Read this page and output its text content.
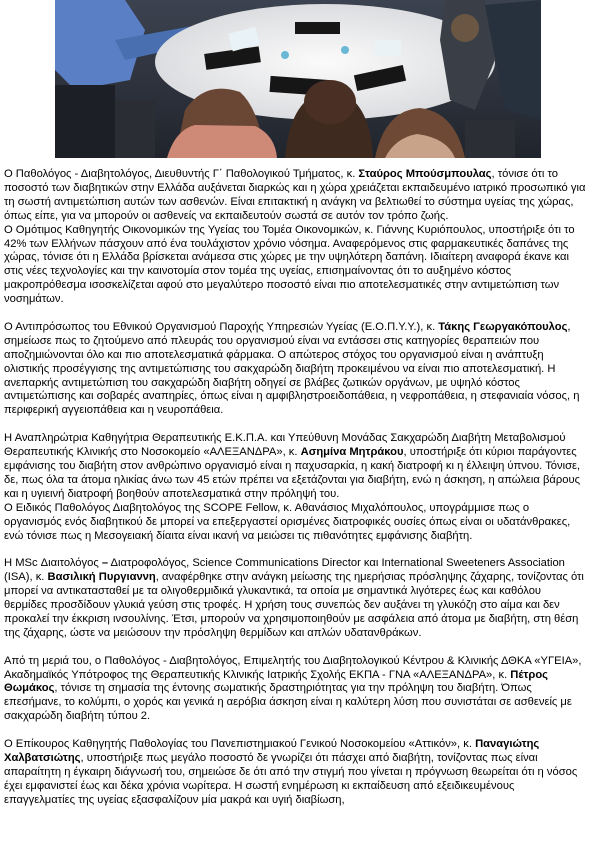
Ο Παθολόγος - Διαβητολόγος, Διευθυντής Γ΄ Παθολογικού Τμήματος, κ. Σταύρος Μπούσμπουλας, τόνισε ότι το ποσοστό των διαβητικών στην Ελλάδα αυξάνεται διαρκώς και η χώρα χρειάζεται εκπαιδευμένο ιατρικό προσωπικό για τη σωστή αντιμετώπιση αυτών των ασθενών. Είναι επιτακτική η ανάγκη να βελτιωθεί το σύστημα υγείας της χώρας, όπως είπε, για να μπορούν οι ασθενείς να εκπαιδευτούν σωστά σε αυτόν τον τρόπο ζωής.

Ο Ομότιμος Καθηγητής Οικονομικών της Υγείας του Τομέα Οικονομικών, κ. Γιάννης Κυριόπουλος, υποστήριξε ότι το 42% των Ελλήνων πάσχουν από ένα τουλάχιστον χρόνιο νόσημα. Αναφερόμενος στις φαρμακευτικές δαπάνες της χώρας, τόνισε ότι η Ελλάδα βρίσκεται ανάμεσα στις χώρες με την υψηλότερη δαπάνη. Ιδιαίτερη αναφορά έκανε και στις νέες τεχνολογίες και την καινοτομία στον τομέα της υγείας, επισημαίνοντας ότι το αυξημένο κόστος μακροπρόθεσμα ισοσκελίζεται αφού στο μεγαλύτερο ποσοστό είναι πιο αποτελεσματικές στην αντιμετώπιση των νοσημάτων.

Ο Αντιπρόσωπος του Εθνικού Οργανισμού Παροχής Υπηρεσιών Υγείας (Ε.Ο.Π.Υ.Υ.), κ. Τάκης Γεωργακόπουλος, σημείωσε πως το ζητούμενο από πλευράς του οργανισμού είναι να εντάσσει στις κατηγορίες θεραπειών που αποζημιώνονται όλο και πιο αποτελεσματικά φάρμακα. Ο απώτερος στόχος του οργανισμού είναι η ανάπτυξη ολιστικής προσέγγισης της αντιμετώπισης του σακχαρώδη διαβήτη προκειμένου να είναι πιο αποτελεσματική. Η ανεπαρκής αντιμετώπιση του σακχαρώδη διαβήτη οδηγεί σε βλάβες ζωτικών οργάνων, με υψηλό κόστος αντιμετώπισης και σοβαρές αναπηρίες, όπως είναι η αμφιβληστροειδοπάθεια, η νεφροπάθεια, η στεφανιαία νόσος, η περιφερική αγγειοπάθεια και η νευροπάθεια.

Η Αναπληρώτρια Καθηγήτρια Θεραπευτικής Ε.Κ.Π.Α. και Υπεύθυνη Μονάδας Σακχαρώδη Διαβήτη Μεταβολισμού Θεραπευτικής Κλινικής στο Νοσοκομείο «ΑΛΕΞΑΝΔΡΑ», κ. Ασημίνα Μητράκου, υποστήριξε ότι κύριοι παράγοντες εμφάνισης του διαβήτη στον ανθρώπινο οργανισμό είναι η παχυσαρκία, η κακή διατροφή κι η έλλειψη ύπνου. Τόνισε, δε, πως όλα τα άτομα ηλικίας άνω των 45 ετών πρέπει να εξετάζονται για διαβήτη, ενώ η άσκηση, η απώλεια βάρους και η υγιεινή διατροφή βοηθούν αποτελεσματικά στην πρόληψή του.

Ο Ειδικός Παθολόγος Διαβητολόγος της SCOPE Fellow, κ. Αθανάσιος Μιχαλόπουλος, υπογράμμισε πως ο οργανισμός ενός διαβητικού δε μπορεί να επεξεργαστεί ορισμένες διατροφικές ουσίες όπως είναι οι υδατάνθρακες, ενώ τόνισε πως η Μεσογειακή δίαιτα είναι ικανή να μειώσει τις πιθανότητες εμφάνισης διαβήτη.

Η MSc Διαιτολόγος – Διατροφολόγος, Science Communications Director και International Sweeteners Association (ISA), κ. Βασιλική Πυργιαννη, αναφέρθηκε στην ανάγκη μείωσης της ημερήσιας πρόσληψης ζάχαρης, τονίζοντας ότι μπορεί να αντικατασταθεί με τα ολιγοθερμιδικά γλυκαντικά, τα οποία με σημαντικά λιγότερες έως και καθόλου θερμίδες προσδίδουν γλυκιά γεύση στις τροφές. Η χρήση τους συνεπώς δεν αυξάνει τη γλυκόζη στο αίμα και δεν προκαλεί την έκκριση ινσουλίνης. Έτσι, μπορούν να χρησιμοποιηθούν με ασφάλεια από άτομα με διαβήτη, στη θέση της ζάχαρης, ώστε να μειώσουν την πρόσληψη θερμίδων και απλών υδατανθράκων.

Από τη μεριά του, ο Παθολόγος - Διαβητολόγος, Επιμελητής του Διαβητολογικού Κέντρου & Κλινικής ΔΘΚΑ «ΥΓΕΙΑ», Ακαδημαϊκός Υπότροφος της Θεραπευτικής Κλινικής Ιατρικής Σχολής ΕΚΠΑ - ΓΝΑ «ΑΛΕΞΑΝΔΡΑ», κ. Πέτρος Θωμάκος, τόνισε τη σημασία της έντονης σωματικής δραστηριότητας για την πρόληψη του διαβήτη. Όπως επεσήμανε, το κολύμπι, ο χορός και γενικά η αερόβια άσκηση είναι η καλύτερη λύση που συνιστάται σε ασθενείς με σακχαρώδη διαβήτη τύπου 2.

Ο Επίκουρος Καθηγητής Παθολογίας του Πανεπιστημιακού Γενικού Νοσοκομείου «Αττικόν», κ. Παναγιώτης Χαλβατσιώτης, υποστήριξε πως μεγάλο ποσοστό δε γνωρίζει ότι πάσχει από διαβήτη, τονίζοντας πως είναι απαραίτητη η έγκαιρη διάγνωσή του, σημειώσε δε ότι από την στιγμή που γίνεται η πρόγνωση θεωρείται ότι η νόσος έχει εμφανιστεί έως και δέκα χρόνια νωρίτερα. Η σωστή ενημέρωση κι εκπαίδευση από εξειδικευμένους επαγγελματίες της υγείας εξασφαλίζουν μία μακρά και υγιή διαβίωση,
